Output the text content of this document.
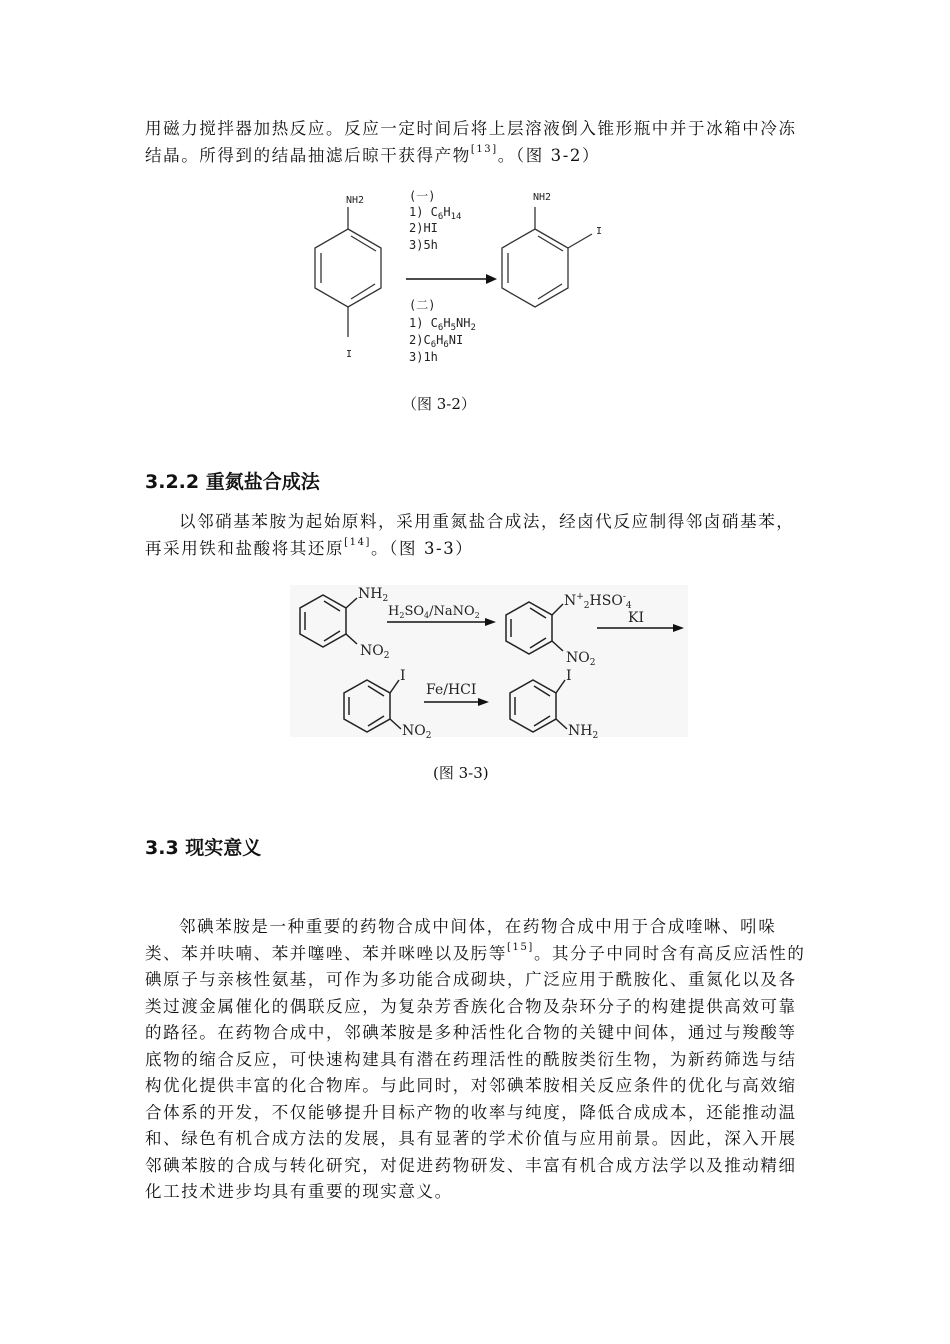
用磁力搅拌器加热反应。反应一定时间后将上层溶液倒入锥形瓶中并于冰箱中冷冻结晶。所得到的结晶抽滤后晾干获得产物[13]。（图 3-2）

NH2
I
(一)
1) $C_6H_{14}$
2)HI
3)5h
(二)
1) $C_6H_5NH_2$
$2)C_6H_6NI$
3)1h
NH2
I

（图 3-2）

3.2.2 重氮盐合成法

以邻硝基苯胺为起始原料，采用重氮盐合成法，经卤代反应制得邻卤硝基苯，再采用铁和盐酸将其还原[14]。（图 3-3）

$NH_2$
$NO_2$
$H_2SO_4/NaNO_2$
$N^+_2HSO^-_4$
$NO_2$
KI
I
$NO_2$
Fe/HCI
I
$NH_2$

(图 3-3)

3.3 现实意义

邻碘苯胺是一种重要的药物合成中间体，在药物合成中用于合成喹啉、吲哚类、苯并呋喃、苯并噻唑、苯并咪唑以及肟等[15]。其分子中同时含有高反应活性的碘原子与亲核性氨基，可作为多功能合成砌块，广泛应用于酰胺化、重氮化以及各类过渡金属催化的偶联反应，为复杂芳香族化合物及杂环分子的构建提供高效可靠的路径。在药物合成中，邻碘苯胺是多种活性化合物的关键中间体，通过与羧酸等底物的缩合反应，可快速构建具有潜在药理活性的酰胺类衍生物，为新药筛选与结构优化提供丰富的化合物库。与此同时，对邻碘苯胺相关反应条件的优化与高效缩合体系的开发，不仅能够提升目标产物的收率与纯度，降低合成成本，还能推动温和、绿色有机合成方法的发展，具有显著的学术价值与应用前景。因此，深入开展邻碘苯胺的合成与转化研究，对促进药物研发、丰富有机合成方法学以及推动精细化工技术进步均具有重要的现实意义。
